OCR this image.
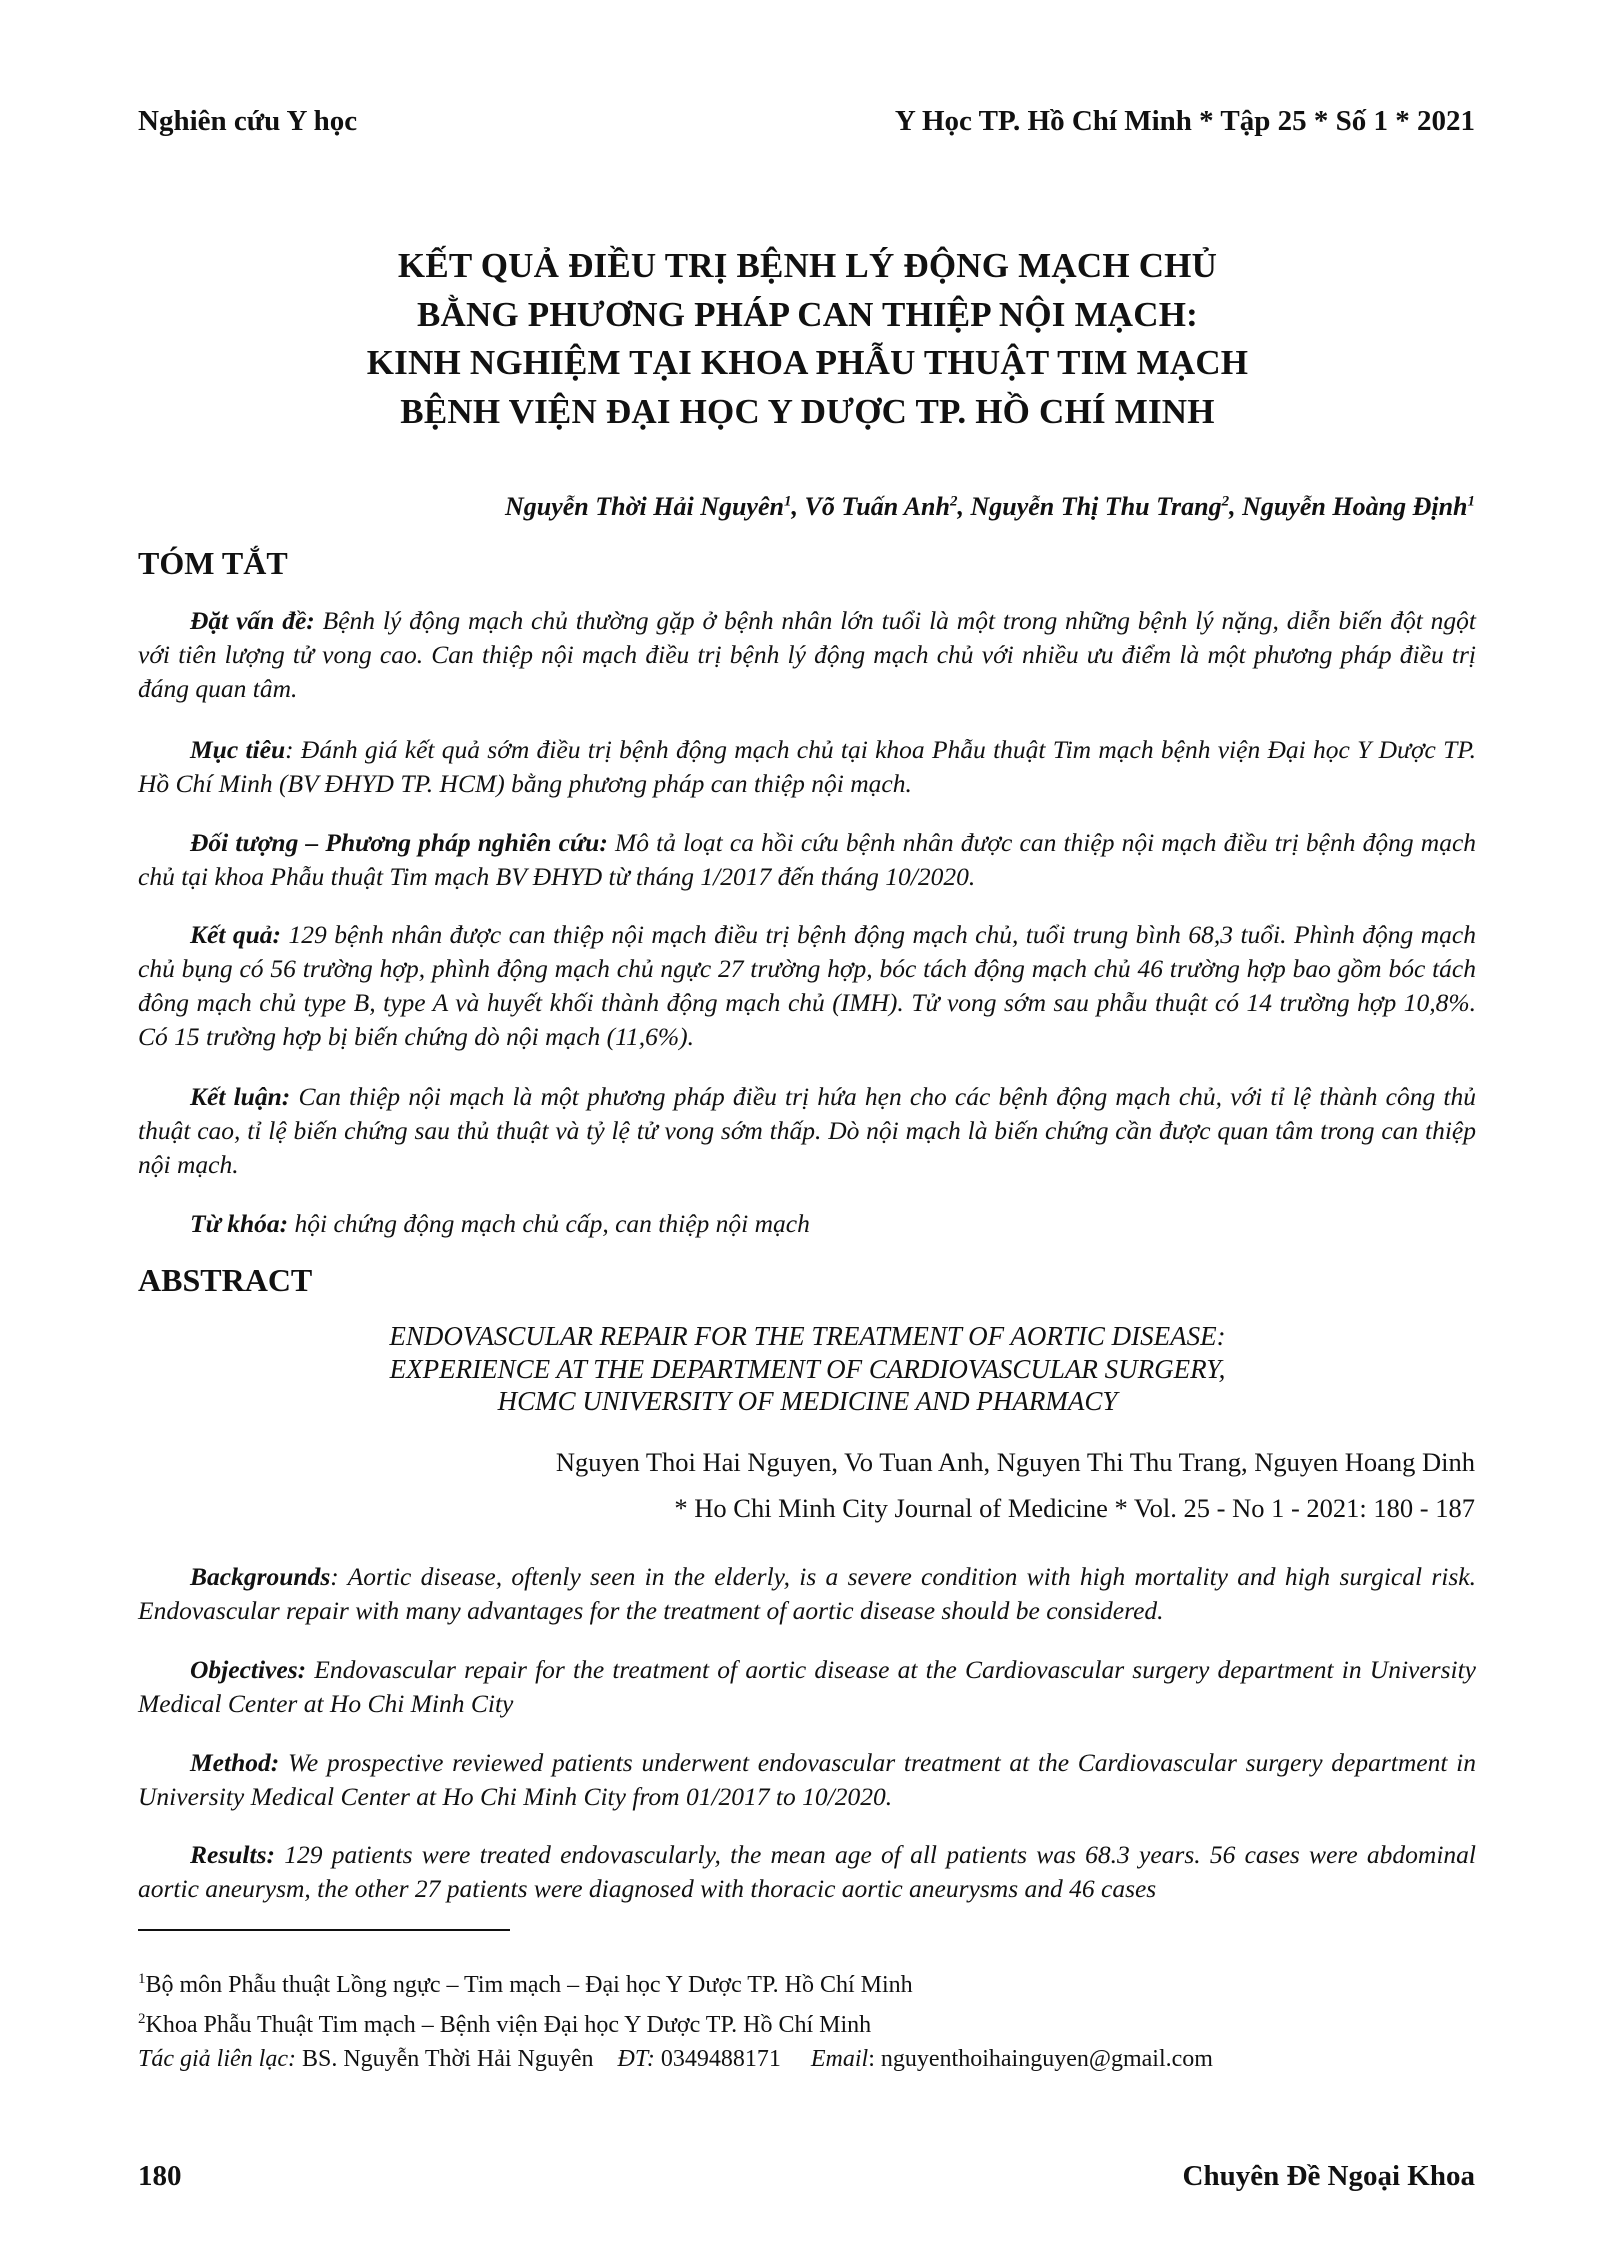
Nghiên cứu Y học	Y Học TP. Hồ Chí Minh * Tập 25 * Số 1 * 2021
KẾT QUẢ ĐIỀU TRỊ BỆNH LÝ ĐỘNG MẠCH CHỦ
BẰNG PHƯƠNG PHÁP CAN THIỆP NỘI MẠCH:
KINH NGHIỆM TẠI KHOA PHẪU THUẬT TIM MẠCH
BỆNH VIỆN ĐẠI HỌC Y DƯỢC TP. HỒ CHÍ MINH
Nguyễn Thời Hải Nguyên$^1$, Võ Tuấn Anh$^2$, Nguyễn Thị Thu Trang$^2$, Nguyễn Hoàng Định$^1$
TÓM TẮT
Đặt vấn đề: Bệnh lý động mạch chủ thường gặp ở bệnh nhân lớn tuổi là một trong những bệnh lý nặng, diễn biến đột ngột với tiên lượng tử vong cao. Can thiệp nội mạch điều trị bệnh lý động mạch chủ với nhiều ưu điểm là một phương pháp điều trị đáng quan tâm.
Mục tiêu: Đánh giá kết quả sớm điều trị bệnh động mạch chủ tại khoa Phẫu thuật Tim mạch bệnh viện Đại học Y Dược TP. Hồ Chí Minh (BV ĐHYD TP. HCM) bằng phương pháp can thiệp nội mạch.
Đối tượng – Phương pháp nghiên cứu: Mô tả loạt ca hồi cứu bệnh nhân được can thiệp nội mạch điều trị bệnh động mạch chủ tại khoa Phẫu thuật Tim mạch BV ĐHYD từ tháng 1/2017 đến tháng 10/2020.
Kết quả: 129 bệnh nhân được can thiệp nội mạch điều trị bệnh động mạch chủ, tuổi trung bình 68,3 tuổi. Phình động mạch chủ bụng có 56 trường hợp, phình động mạch chủ ngực 27 trường hợp, bóc tách động mạch chủ 46 trường hợp bao gồm bóc tách đông mạch chủ type B, type A và huyết khối thành động mạch chủ (IMH). Tử vong sớm sau phẫu thuật có 14 trường hợp 10,8%. Có 15 trường hợp bị biến chứng dò nội mạch (11,6%).
Kết luận: Can thiệp nội mạch là một phương pháp điều trị hứa hẹn cho các bệnh động mạch chủ, với tỉ lệ thành công thủ thuật cao, tỉ lệ biến chứng sau thủ thuật và tỷ lệ tử vong sớm thấp. Dò nội mạch là biến chứng cần được quan tâm trong can thiệp nội mạch.
Từ khóa: hội chứng động mạch chủ cấp, can thiệp nội mạch
ABSTRACT
ENDOVASCULAR REPAIR FOR THE TREATMENT OF AORTIC DISEASE:
EXPERIENCE AT THE DEPARTMENT OF CARDIOVASCULAR SURGERY,
HCMC UNIVERSITY OF MEDICINE AND PHARMACY
Nguyen Thoi Hai Nguyen, Vo Tuan Anh, Nguyen Thi Thu Trang, Nguyen Hoang Dinh
* Ho Chi Minh City Journal of Medicine * Vol. 25 - No 1 - 2021: 180 - 187
Backgrounds: Aortic disease, oftenly seen in the elderly, is a severe condition with high mortality and high surgical risk. Endovascular repair with many advantages for the treatment of aortic disease should be considered.
Objectives: Endovascular repair for the treatment of aortic disease at the Cardiovascular surgery department in University Medical Center at Ho Chi Minh City
Method: We prospective reviewed patients underwent endovascular treatment at the Cardiovascular surgery department in University Medical Center at Ho Chi Minh City from 01/2017 to 10/2020.
Results: 129 patients were treated endovascularly, the mean age of all patients was 68.3 years. 56 cases were abdominal aortic aneurysm, the other 27 patients were diagnosed with thoracic aortic aneurysms and 46 cases
$^1$Bộ môn Phẫu thuật Lồng ngực – Tim mạch – Đại học Y Dược TP. Hồ Chí Minh
$^2$Khoa Phẫu Thuật Tim mạch – Bệnh viện Đại học Y Dược TP. Hồ Chí Minh
Tác giả liên lạc: BS. Nguyễn Thời Hải Nguyên ĐT: 0349488171 Email: nguyenthoihainguyen@gmail.com
180	Chuyên Đề Ngoại Khoa
